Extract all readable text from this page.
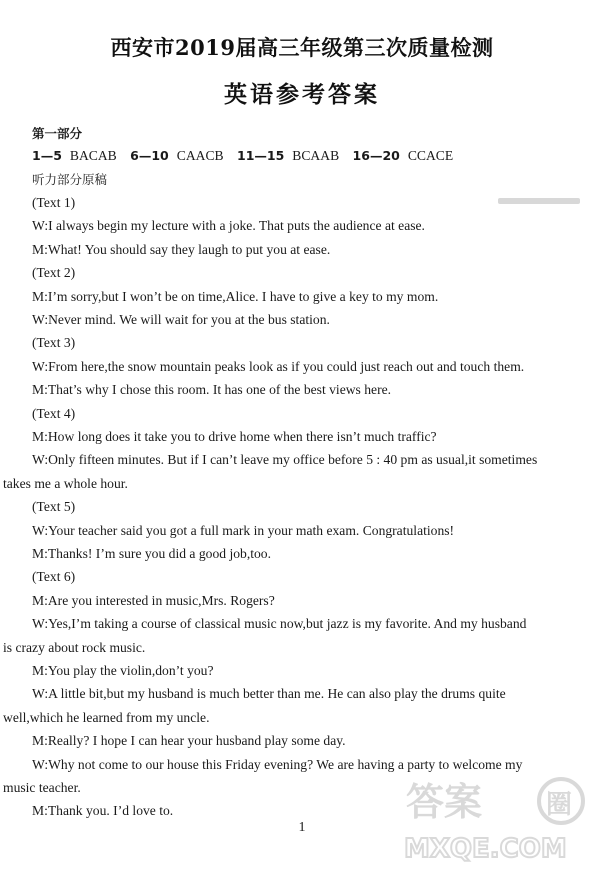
西安市2019届高三年级第三次质量检测
英语参考答案
第一部分
1—5 BACAB 6—10 CAACB 11—15 BCAAB 16—20 CCACE
听力部分原稿
(Text 1)
W:I always begin my lecture with a joke. That puts the audience at ease.
M:What! You should say they laugh to put you at ease.
(Text 2)
M:I’m sorry,but I won’t be on time,Alice. I have to give a key to my mom.
W:Never mind. We will wait for you at the bus station.
(Text 3)
W:From here,the snow mountain peaks look as if you could just reach out and touch them.
M:That’s why I chose this room. It has one of the best views here.
(Text 4)
M:How long does it take you to drive home when there isn’t much traffic?
W:Only fifteen minutes. But if I can’t leave my office before 5 : 40 pm as usual,it sometimes
takes me a whole hour.
(Text 5)
W:Your teacher said you got a full mark in your math exam. Congratulations!
M:Thanks! I’m sure you did a good job,too.
(Text 6)
M:Are you interested in music,Mrs. Rogers?
W:Yes,I’m taking a course of classical music now,but jazz is my favorite. And my husband
is crazy about rock music.
M:You play the violin,don’t you?
W:A little bit,but my husband is much better than me. He can also play the drums quite
well,which he learned from my uncle.
M:Really? I hope I can hear your husband play some day.
W:Why not come to our house this Friday evening? We are having a party to welcome my
music teacher.
M:Thank you. I’d love to.
1
答案 圈
MXQE.COM
